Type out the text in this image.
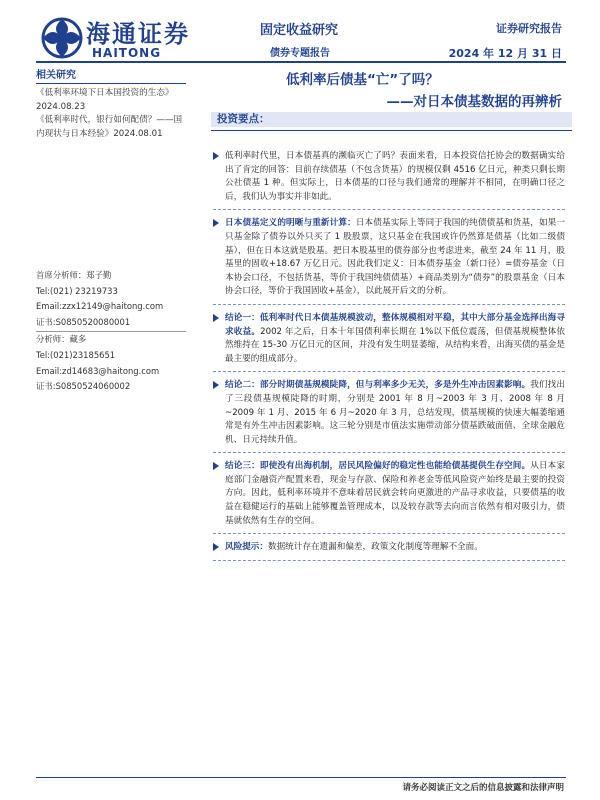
海通证券
HAITONG
固定收益研究
债券专题报告
证券研究报告
2024 年 12 月 31 日
相关研究
《低利率环境下日本国投资的生态》
2024.08.23
《低利率时代，银行如何配债？——国内现状与日本经验》2024.08.01
首席分析师：郑子勤
Tel:(021) 23219733
Email:zzx12149@haitong.com
证书:S0850520080001
分析师：藏多
Tel:(021)23185651
Email:zd14683@haitong.com
证书:S0850524060002
低利率后债基“亡”了吗？
——对日本债基数据的再辨析
投资要点：
低利率时代里，日本债基真的濒临灭亡了吗？表面来看，日本投资信托协会的数据确实给出了肯定的回答：目前存续债基（不包含货基）的规模仅剩 4516 亿日元，种类只剩长期公社债基 1 种。但实际上，日本债基的口径与我们通常的理解并不相同，在明确口径之后，我们认为事实并非如此。
日本债基定义的明晰与重新计算：日本债基实际上等同于我国的纯债债基和货基，如果一只基金除了债券以外只买了 1 股股票，这只基金在我国或许仍然算是债基（比如二级债基），但在日本这就是股基。把日本股基里的债券部分也考虑进来，截至 24 年 11 月，股基里的固收+18.67 万亿日元。因此我们定义：日本债券基金（新口径）=债券基金（日本协会口径，不包括货基，等价于我国纯债债基）+商品类别为“债券”的股票基金（日本协会口径，等价于我国固收+基金），以此展开后文的分析。
结论一：低利率时代日本债基规模波动，整体规模相对平稳，其中大部分基金选择出海寻求收益。2002 年之后，日本十年国债利率长期在 1%以下低位震荡，但债基规模整体依然维持在 15-30 万亿日元的区间，并没有发生明显萎缩，从结构来看，出海买债的基金是最主要的组成部分。
结论二：部分时期债基规模陡降，但与利率多少无关，多是外生冲击因素影响。我们找出了三段债基规模陡降的时期，分别是 2001 年 8 月~2003 年 3 月、2008 年 8 月~2009 年 1 月、2015 年 6 月~2020 年 3 月，总结发现，债基规模的快速大幅萎缩通常是有外生冲击因素影响。这三轮分别是市值法实施带动部分债基跌破面值、全球金融危机、日元持续升值。
结论三：即使没有出海机制，居民风险偏好的稳定性也能给债基提供生存空间。从日本家庭部门金融资产配置来看，现金与存款、保险和养老金等低风险资产始终是最主要的投资方向。因此，低利率环境并不意味着居民就会转向更激进的产品寻求收益，只要债基的收益在稳健运行的基础上能够覆盖管理成本，以及较存款等去向而言依然有相对吸引力，债基就依然有生存的空间。
风险提示：数据统计存在遗漏和偏差，政策文化制度等理解不全面。
请务必阅读正文之后的信息披露和法律声明
